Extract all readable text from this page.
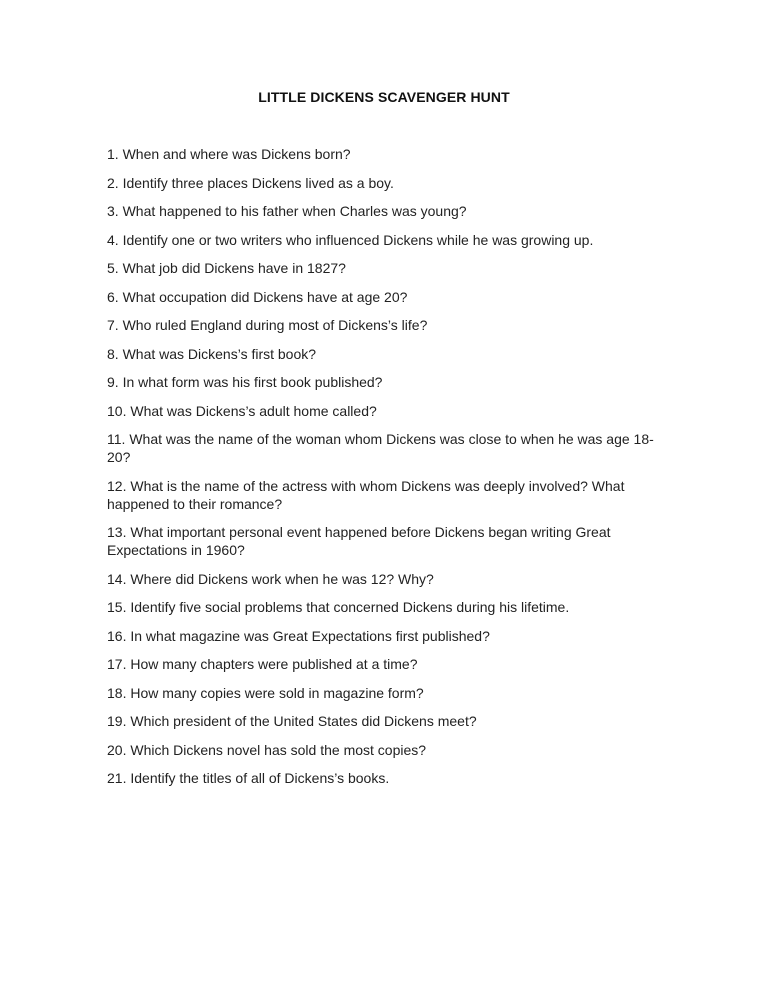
LITTLE DICKENS SCAVENGER HUNT
1. When and where was Dickens born?
2. Identify three places Dickens lived as a boy.
3. What happened to his father when Charles was young?
4. Identify one or two writers who influenced Dickens while he was growing up.
5. What job did Dickens have in 1827?
6. What occupation did Dickens have at age 20?
7. Who ruled England during most of Dickens’s life?
8. What was Dickens’s first book?
9. In what form was his first book published?
10. What was Dickens’s adult home called?
11. What was the name of the woman whom Dickens was close to when he was age 18-20?
12. What is the name of the actress with whom Dickens was deeply involved? What happened to their romance?
13. What important personal event happened before Dickens began writing Great Expectations in 1960?
14. Where did Dickens work when he was 12? Why?
15. Identify five social problems that concerned Dickens during his lifetime.
16. In what magazine was Great Expectations first published?
17. How many chapters were published at a time?
18. How many copies were sold in magazine form?
19. Which president of the United States did Dickens meet?
20. Which Dickens novel has sold the most copies?
21. Identify the titles of all of Dickens’s books.
